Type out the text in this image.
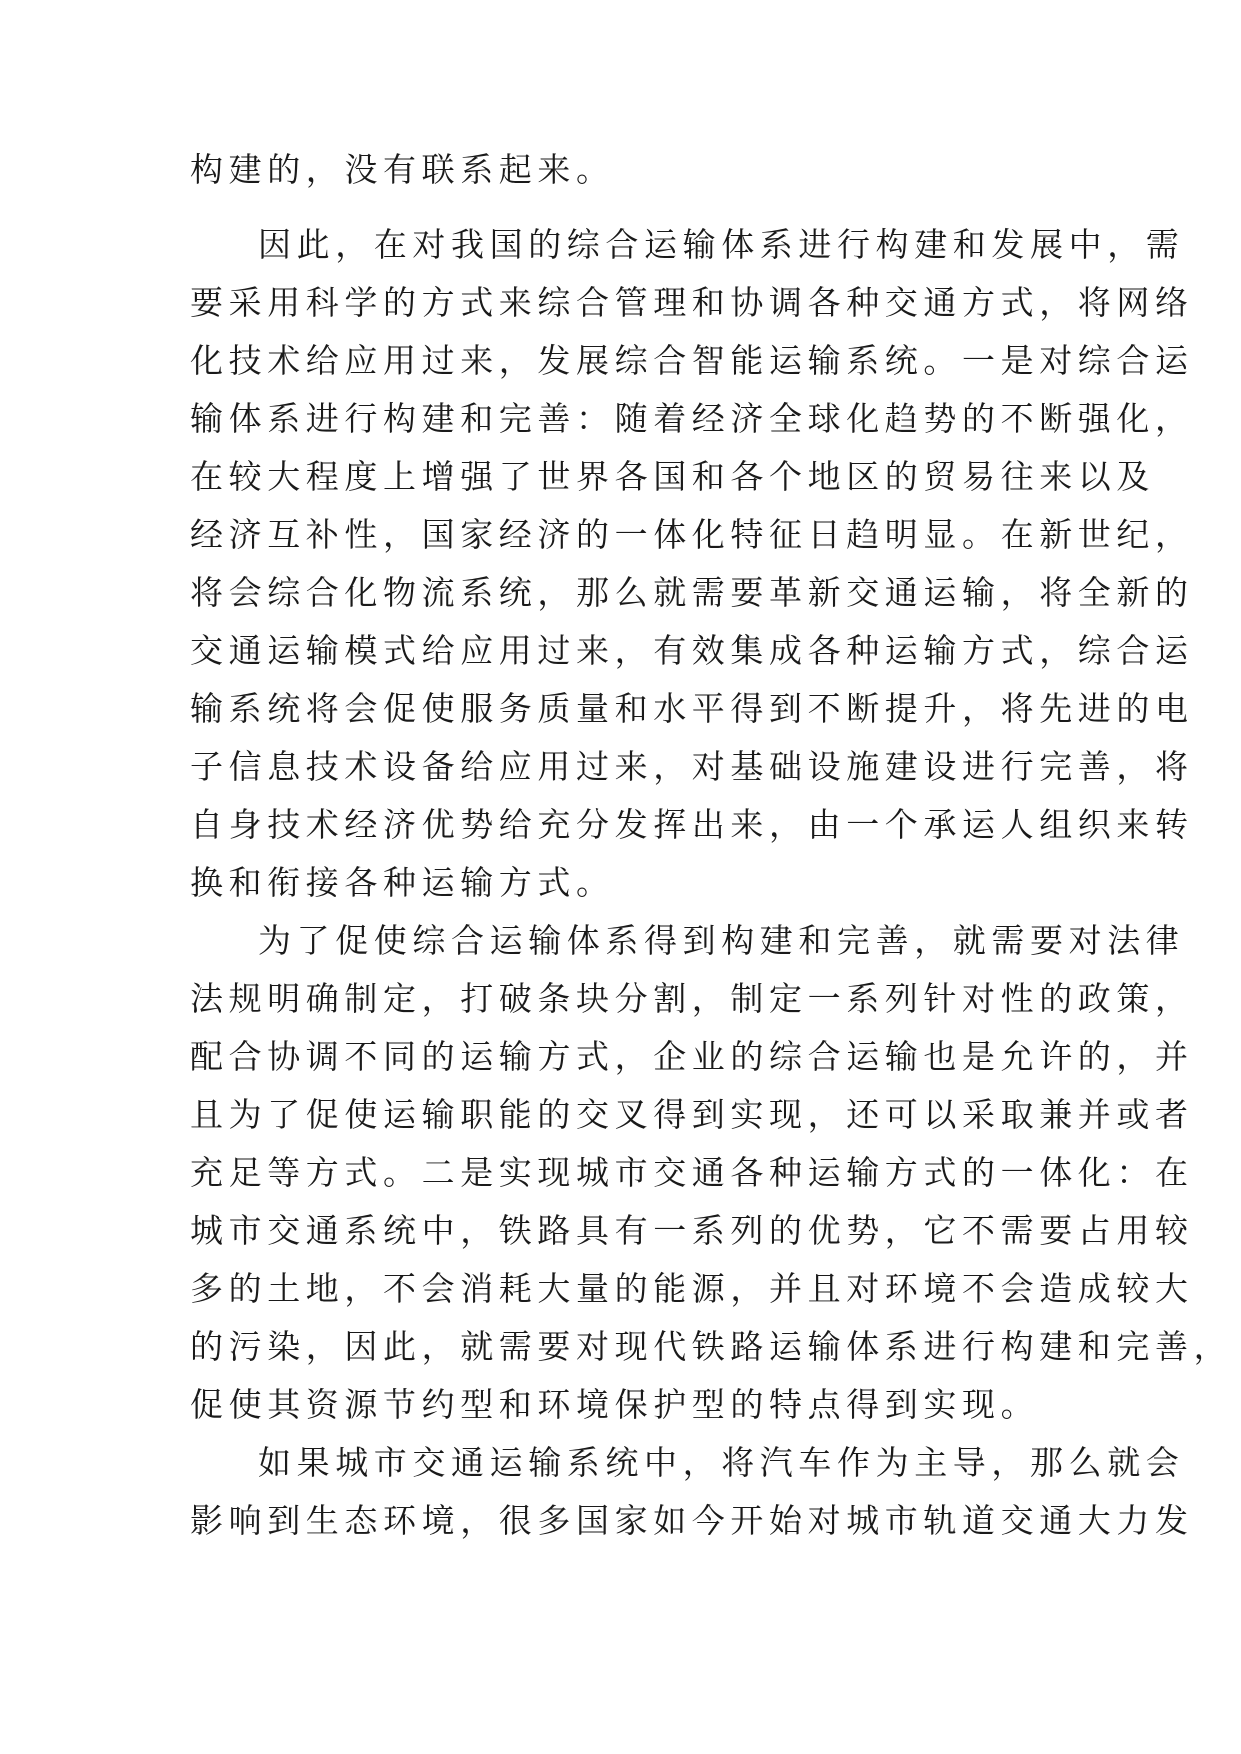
构建的，没有联系起来。
因此，在对我国的综合运输体系进行构建和发展中，需
要采用科学的方式来综合管理和协调各种交通方式，将网络
化技术给应用过来，发展综合智能运输系统。一是对综合运
输体系进行构建和完善：随着经济全球化趋势的不断强化，
在较大程度上增强了世界各国和各个地区的贸易往来以及
经济互补性，国家经济的一体化特征日趋明显。在新世纪，
将会综合化物流系统，那么就需要革新交通运输，将全新的
交通运输模式给应用过来，有效集成各种运输方式，综合运
输系统将会促使服务质量和水平得到不断提升，将先进的电
子信息技术设备给应用过来，对基础设施建设进行完善，将
自身技术经济优势给充分发挥出来，由一个承运人组织来转
换和衔接各种运输方式。
为了促使综合运输体系得到构建和完善，就需要对法律
法规明确制定，打破条块分割，制定一系列针对性的政策，
配合协调不同的运输方式，企业的综合运输也是允许的，并
且为了促使运输职能的交叉得到实现，还可以采取兼并或者
充足等方式。二是实现城市交通各种运输方式的一体化：在
城市交通系统中，铁路具有一系列的优势，它不需要占用较
多的土地，不会消耗大量的能源，并且对环境不会造成较大
的污染，因此，就需要对现代铁路运输体系进行构建和完善，
促使其资源节约型和环境保护型的特点得到实现。
如果城市交通运输系统中，将汽车作为主导，那么就会
影响到生态环境，很多国家如今开始对城市轨道交通大力发
